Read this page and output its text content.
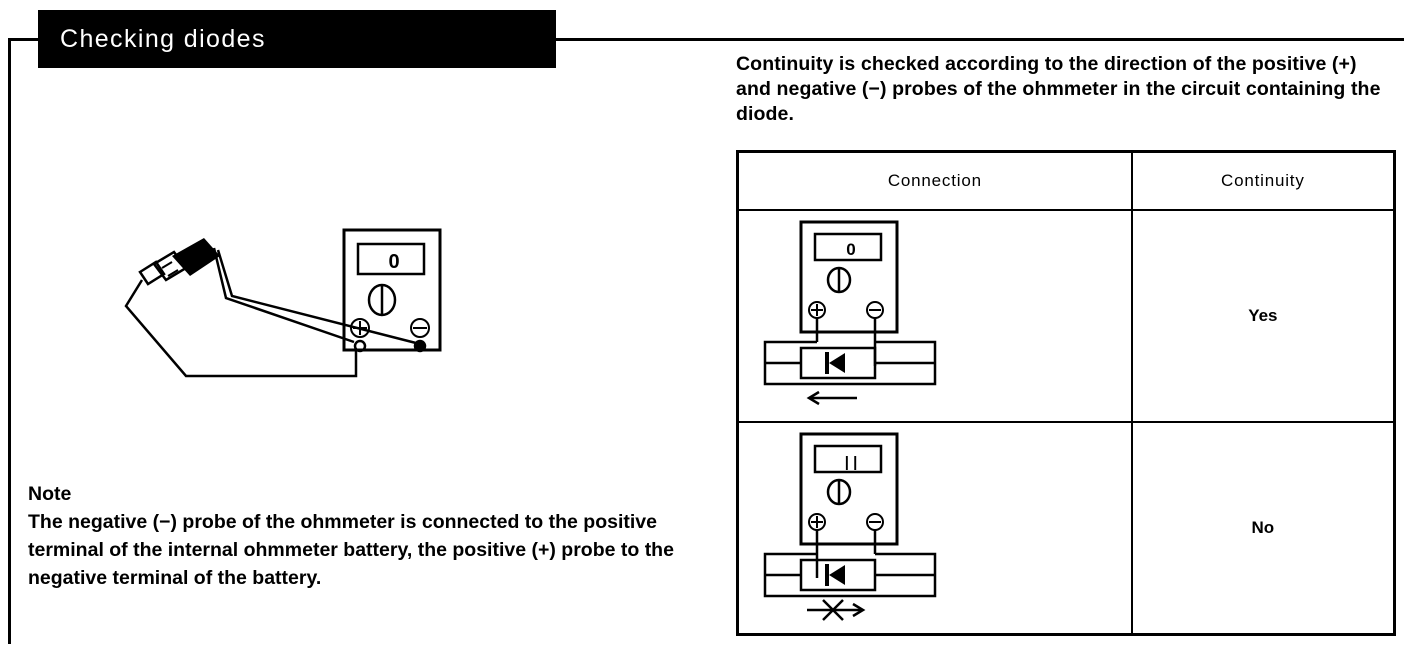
Checking diodes
Continuity is checked according to the direction of the positive (+) and negative (−) probes of the ohmmeter in the circuit containing the diode.
Connection	Continuity

0	Yes

| |	No
0
Note
The negative (−) probe of the ohmmeter is connected to the positive terminal of the internal ohmmeter battery, the positive (+) probe to the negative terminal of the battery.
